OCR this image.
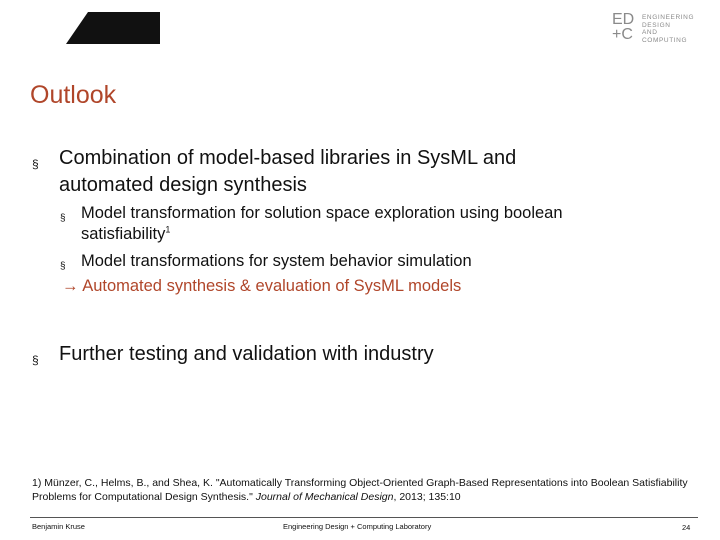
ED
+C
ENGINEERING
DESIGN
AND
COMPUTING
Outlook
§	Combination of model-based libraries in SysML and automated design synthesis
§ Model transformation for solution space exploration using boolean satisfiability$^1$
§ Model transformations for system behavior simulation
→ Automated synthesis & evaluation of SysML models
§	Further testing and validation with industry
1) Münzer, C., Helms, B., and Shea, K. "Automatically Transforming Object-Oriented Graph-Based Representations into Boolean Satisfiability Problems for Computational Design Synthesis." Journal of Mechanical Design, 2013; 135:10
Benjamin Kruse	Engineering Design + Computing Laboratory	24
